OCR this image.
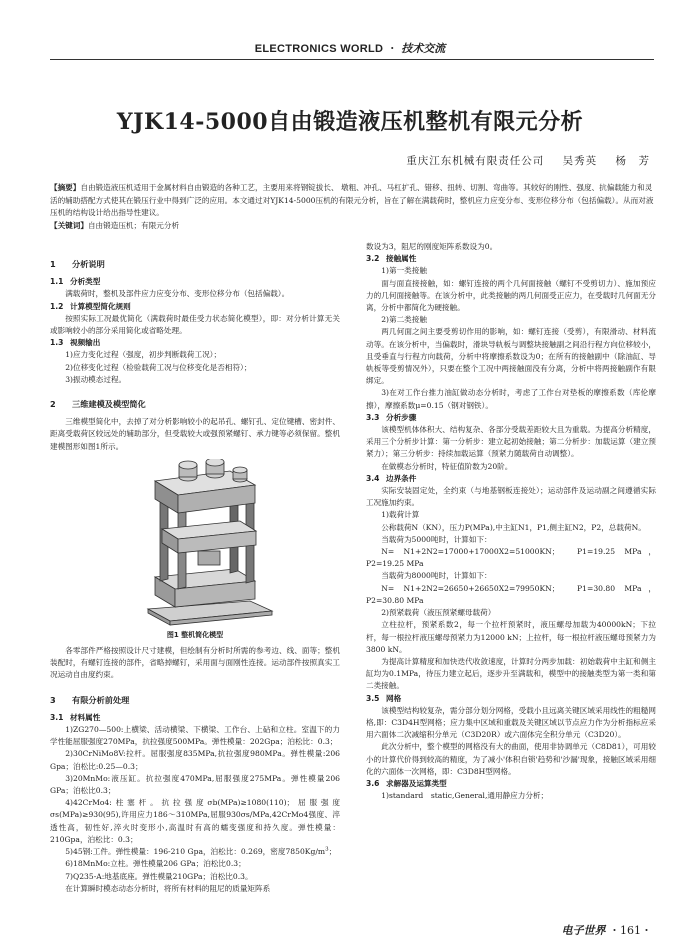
ELECTRONICS WORLD ・ 技术交流
YJK14-5000自由锻造液压机整机有限元分析
重庆江东机械有限责任公司 吴秀英 杨　芳
【摘要】自由锻造液压机适用于金属材料自由锻造的各种工艺，主要用来将钢锭拔长、 墩粗、冲孔、马杠扩孔、错移、扭转、切割、弯曲等。其较好的刚性、强度、抗偏载能力和灵活的辅助搭配方式使其在锻压行业中得到广泛的应用。本文通过对YJK14-5000压机的有限元分析，旨在了解在满载荷时，整机应力应变分布、变形位移分布（包括偏载）。从而对液压机的结构设计给出指导性建议。
【关键词】自由锻造压机；有限元分析
1 分析说明
1.1 分析类型

满载荷时，整机及部件应力应变分布、变形位移分布（包括偏载）。

1.2 计算模型简化规则

按照实际工况最优简化（满载荷时最佳受力状态简化模型），即：对分析计算无关或影响较小的部分采用简化或省略处理。

1.3 视频输出

1)应力变化过程（强度，初步判断载荷工况）；

2)位移变化过程（检验载荷工况与位移变化是否相符）；

3)振动模态过程。

2 三维建模及模型简化

三维模型简化中，去掉了对分析影响较小的起吊孔、螺钉孔、定位键槽、密封件、距离受载荷区较远处的辅助部分，但受载较大或强预紧螺钉、承力键等必须保留。整机建模图形如图1所示。

图1 整机简化模型

各零部件严格按照设计尺寸建模，但绘制有分析时所需的参考边、线、面等；整机装配时，有螺钉连接的部件，省略掉螺钉，采用面与面刚性连接。运动部件按照真实工况运动自由度约束。

3 有限分析前处理
3.1 材料属性

1)ZG270—500:上横梁、活动横梁、下横梁、工作台、上砧和立柱。室温下的力学性能屈服强度270MPa，抗拉强度500MPa。弹性模量：202Gpa；泊松比：0.3；

2)30CrNiMo8V:拉杆。屈服强度835MPa,抗拉强度980MPa。弹性模量:206 Gpa；泊松比:0.25—0.3；

3)20MnMo:液压缸。抗拉强度470MPa,屈服强度275MPa。弹性模量206 GPa；泊松比0.3；

4)42CrMo4:柱塞杆。抗拉强度σb(MPa)≥1080(110)；屈服强度σs(MPa)≥930(95),许用应力186～310MPa,屈服930σs/MPa,42CrMo4强度、淬透性高，韧性好,淬火时变形小,高温时有高的蠕变强度和持久度。弹性模量：210Gpa，泊松比：0.3；

5)45钢:工件。弹性模量：196-210 Gpa，泊松比：0.269，密度$7850Kg/m^3$；

6)18MnMo:立柱。弹性模量206 GPa；泊松比0.3；

7)Q235-A:地基底座。弹性模量210GPa；泊松比0.3。

在计算瞬时模态动态分析时，将所有材料的阻尼的质量矩阵系

数设为3，阻尼的刚度矩阵系数设为0。

3.2 接触属性

1)第一类接触

面与面直接接触，如：螺钉连接的两个几何面接触（螺钉不受剪切力）、施加预应力的几何面接触等。在该分析中，此类接触的两几何面受正应力，在受载时几何面无分离，分析中都简化为硬接触。

2)第二类接触

两几何面之间主要受剪切作用的影响，如：螺钉连接（受剪），有限滑动、材料流动等。在该分析中，当偏载时，滑块导轨板与调整块接触副之间沿行程方向位移较小，且受垂直与行程方向载荷，分析中将摩擦系数设为0；在所有的接触副中（除油缸、导轨板等受剪情况外），只要在整个工况中两接触面没有分离，分析中将两接触副作有限绑定。

3)在对工作台推力油缸做动态分析时，考虑了工作台对垫板的摩擦系数（库伦摩擦），摩擦系数μ=0.15（钢对钢铁）。

3.3 分析步骤

该模型机体体积大、结构复杂、各部分受载差距较大且为重载。为提高分析精度，采用三个分析步计算：第一分析步：建立起初始接触；第二分析步：加载运算（建立预紧力）；第三分析步：持续加载运算（预紧力随载荷自动调整）。

在做模态分析时，特征值阶数为20阶。

3.4 边界条件

实际安装固定处，全约束（与地基钢板连接处）；运动部件及运动副之间遵循实际工况施加约束。

1)载荷计算

公称载荷N（KN），压力P(MPa),中主缸N1，P1,侧主缸N2，P2，总载荷N。

当载荷为5000吨时，计算如下：

N= N1+2N2=17000+17000X2=51000KN；　P1=19.25 MPa，P2=19.25 MPa

当载荷为8000吨时，计算如下：

N= N1+2N2=26650+26650X2=79950KN；　P1=30.80 MPa，P2=30.80 MPa

2)预紧载荷（液压预紧螺母载荷）

立柱拉杆，预紧系数2，每一个拉杆预紧时，液压螺母加载为40000kN；下拉杆，每一根拉杆液压螺母预紧力为12000 kN；上拉杆，每一根拉杆液压螺母预紧力为3800 kN。

为提高计算精度和加快迭代收敛速度，计算时分两步加载：初始载荷中主缸和侧主缸均为0.1MPa，待压力建立起后，逐步升至满载和，模型中的接触类型为第一类和第二类接触。

3.5 网格

该模型结构较复杂，需分部分划分网格，受载小且远离关键区域采用线性的粗糙网格,即：C3D4H型网格；应力集中区域和重载及关键区域以节点应力作为分析指标应采用六面体二次减缩积分单元（C3D20R）或六面体完全积分单元（C3D20）。

此次分析中，整个模型的网格没有大的曲面，使用非协调单元（C8D81），可用较小的计算代价得到较高的精度，为了减小'体积自锁'趋势和'沙漏'现象，接触区域采用细化的六面体一次网格，即：C3D8H型网格。

3.6 求解器及运算类型

1)standard　static,General,通用静应力分析；

电子世界 ・161・
